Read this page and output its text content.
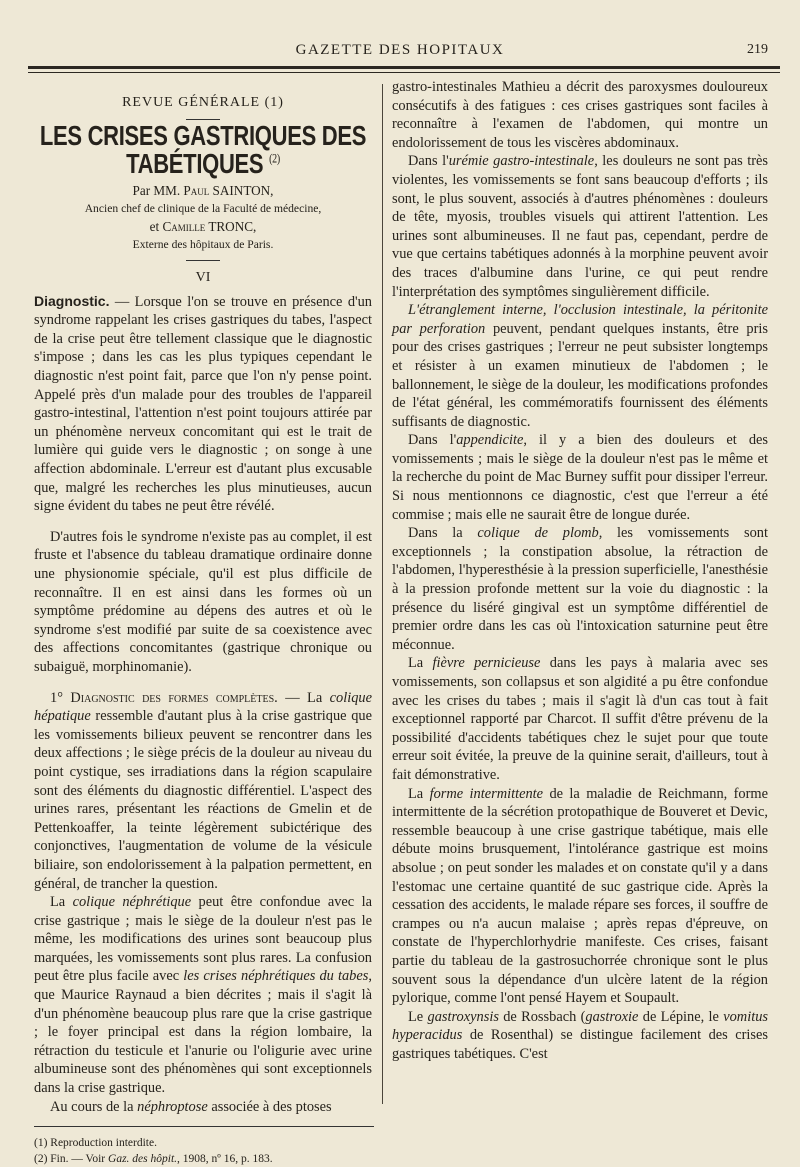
GAZETTE DES HOPITAUX	219
REVUE GÉNÉRALE (1)
LES CRISES GASTRIQUES DES TABÉTIQUES $^{(2)}$
Par MM. Paul SAINTON,
Ancien chef de clinique de la Faculté de médecine,
et Camille TRONC,
Externe des hôpitaux de Paris.
VI

Diagnostic. — Lorsque l'on se trouve en présence d'un syndrome rappelant les crises gastriques du tabes, l'aspect de la crise peut être tellement classique que le diagnostic s'impose ; dans les cas les plus typiques cependant le diagnostic n'est point fait, parce que l'on n'y pense point. Appelé près d'un malade pour des troubles de l'appareil gastro-intestinal, l'attention n'est point toujours attirée par un phénomène nerveux concomitant qui est le trait de lumière qui guide vers le diagnostic ; on songe à une affection abdominale. L'erreur est d'autant plus excusable que, malgré les recherches les plus minutieuses, aucun signe évident du tabes ne peut être révélé.

D'autres fois le syndrome n'existe pas au complet, il est fruste et l'absence du tableau dramatique ordinaire donne une physionomie spéciale, qu'il est plus difficile de reconnaître. Il en est ainsi dans les formes où un symptôme prédomine au dépens des autres et où le syndrome s'est modifié par suite de sa coexistence avec des affections concomitantes (gastrique chronique ou subaiguë, morphinomanie).

1° Diagnostic des formes complètes. — La colique hépatique ressemble d'autant plus à la crise gastrique que les vomissements bilieux peuvent se rencontrer dans les deux affections ; le siège précis de la douleur au niveau du point cystique, ses irradiations dans la région scapulaire sont des éléments du diagnostic différentiel. L'aspect des urines rares, présentant les réactions de Gmelin et de Pettenkoaffer, la teinte légèrement subictérique des conjonctives, l'augmentation de volume de la vésicule biliaire, son endolorissement à la palpation permettent, en général, de trancher la question.

La colique néphrétique peut être confondue avec la crise gastrique ; mais le siège de la douleur n'est pas le même, les modifications des urines sont beaucoup plus marquées, les vomissements sont plus rares. La confusion peut être plus facile avec les crises néphrétiques du tabes, que Maurice Raynaud a bien décrites ; mais il s'agit là d'un phénomène beaucoup plus rare que la crise gastrique ; le foyer principal est dans la région lombaire, la rétraction du testicule et l'anurie ou l'oligurie avec urine albumineuse sont des phénomènes qui sont exceptionnels dans la crise gastrique.

Au cours de la néphroptose associée à des ptoses

(1) Reproduction interdite.

(2) Fin. — Voir Gaz. des hôpit., 1908, nº 16, p. 183.

gastro-intestinales Mathieu a décrit des paroxysmes douloureux consécutifs à des fatigues : ces crises gastriques sont faciles à reconnaître à l'examen de l'abdomen, qui montre un endolorissement de tous les viscères abdominaux.

Dans l'urémie gastro-intestinale, les douleurs ne sont pas très violentes, les vomissements se font sans beaucoup d'efforts ; ils sont, le plus souvent, associés à d'autres phénomènes : douleurs de tête, myosis, troubles visuels qui attirent l'attention. Les urines sont albumineuses. Il ne faut pas, cependant, perdre de vue que certains tabétiques adonnés à la morphine peuvent avoir des traces d'albumine dans l'urine, ce qui peut rendre l'interprétation des symptômes singulièrement difficile.

L'étranglement interne, l'occlusion intestinale, la péritonite par perforation peuvent, pendant quelques instants, être pris pour des crises gastriques ; l'erreur ne peut subsister longtemps et résister à un examen minutieux de l'abdomen ; le ballonnement, le siège de la douleur, les modifications profondes de l'état général, les commémoratifs fournissent des éléments suffisants de diagnostic.

Dans l'appendicite, il y a bien des douleurs et des vomissements ; mais le siège de la douleur n'est pas le même et la recherche du point de Mac Burney suffit pour dissiper l'erreur. Si nous mentionnons ce diagnostic, c'est que l'erreur a été commise ; mais elle ne saurait être de longue durée.

Dans la colique de plomb, les vomissements sont exceptionnels ; la constipation absolue, la rétraction de l'abdomen, l'hyperesthésie à la pression superficielle, l'anesthésie à la pression profonde mettent sur la voie du diagnostic : la présence du liséré gingival est un symptôme différentiel de premier ordre dans les cas où l'intoxication saturnine peut être méconnue.

La fièvre pernicieuse dans les pays à malaria avec ses vomissements, son collapsus et son algidité a pu être confondue avec les crises du tabes ; mais il s'agit là d'un cas tout à fait exceptionnel rapporté par Charcot. Il suffit d'être prévenu de la possibilité d'accidents tabétiques chez le sujet pour que toute erreur soit évitée, la preuve de la quinine serait, d'ailleurs, tout à fait démonstrative.

La forme intermittente de la maladie de Reichmann, forme intermittente de la sécrétion protopathique de Bouveret et Devic, ressemble beaucoup à une crise gastrique tabétique, mais elle débute moins brusquement, l'intolérance gastrique est moins absolue ; on peut sonder les malades et on constate qu'il y a dans l'estomac une certaine quantité de suc gastrique cide. Après la cessation des accidents, le malade répare ses forces, il souffre de crampes ou n'a aucun malaise ; après repas d'épreuve, on constate de l'hyperchlorhydrie manifeste. Ces crises, faisant partie du tableau de la gastrosuchorrée chronique sont le plus souvent sous la dépendance d'un ulcère latent de la région pylorique, comme l'ont pensé Hayem et Soupault.

Le gastroxynsis de Rossbach (gastroxie de Lépine, le vomitus hyperacidus de Rosenthal) se distingue facilement des crises gastriques tabétiques. C'est
